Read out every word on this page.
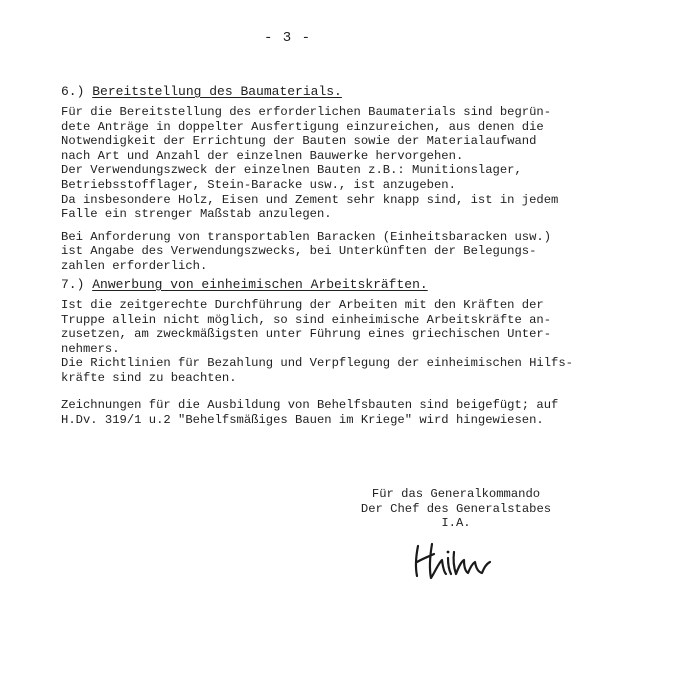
- 3 -
6.) Bereitstellung des Baumaterials.
Für die Bereitstellung des erforderlichen Baumaterials sind begrün-
dete Anträge in doppelter Ausfertigung einzureichen, aus denen die
Notwendigkeit der Errichtung der Bauten sowie der Materialaufwand
nach Art und Anzahl der einzelnen Bauwerke hervorgehen.
Der Verwendungszweck der einzelnen Bauten z.B.: Munitionslager,
Betriebsstofflager, Stein-Baracke usw., ist anzugeben.
Da insbesondere Holz, Eisen und Zement sehr knapp sind, ist in jedem
Falle ein strenger Maßstab anzulegen.
Bei Anforderung von transportablen Baracken (Einheitsbaracken usw.)
ist Angabe des Verwendungszwecks, bei Unterkünften der Belegungs-
zahlen erforderlich.
7.) Anwerbung von einheimischen Arbeitskräften.
Ist die zeitgerechte Durchführung der Arbeiten mit den Kräften der
Truppe allein nicht möglich, so sind einheimische Arbeitskräfte an-
zusetzen, am zweckmäßigsten unter Führung eines griechischen Unter-
nehmers.
Die Richtlinien für Bezahlung und Verpflegung der einheimischen Hilfs-
kräfte sind zu beachten.
Zeichnungen für die Ausbildung von Behelfsbauten sind beigefügt; auf
H.Dv. 319/1 u.2 "Behelfsmäßiges Bauen im Kriege" wird hingewiesen.
Für das Generalkommando
Der Chef des Generalstabes
I.A.
